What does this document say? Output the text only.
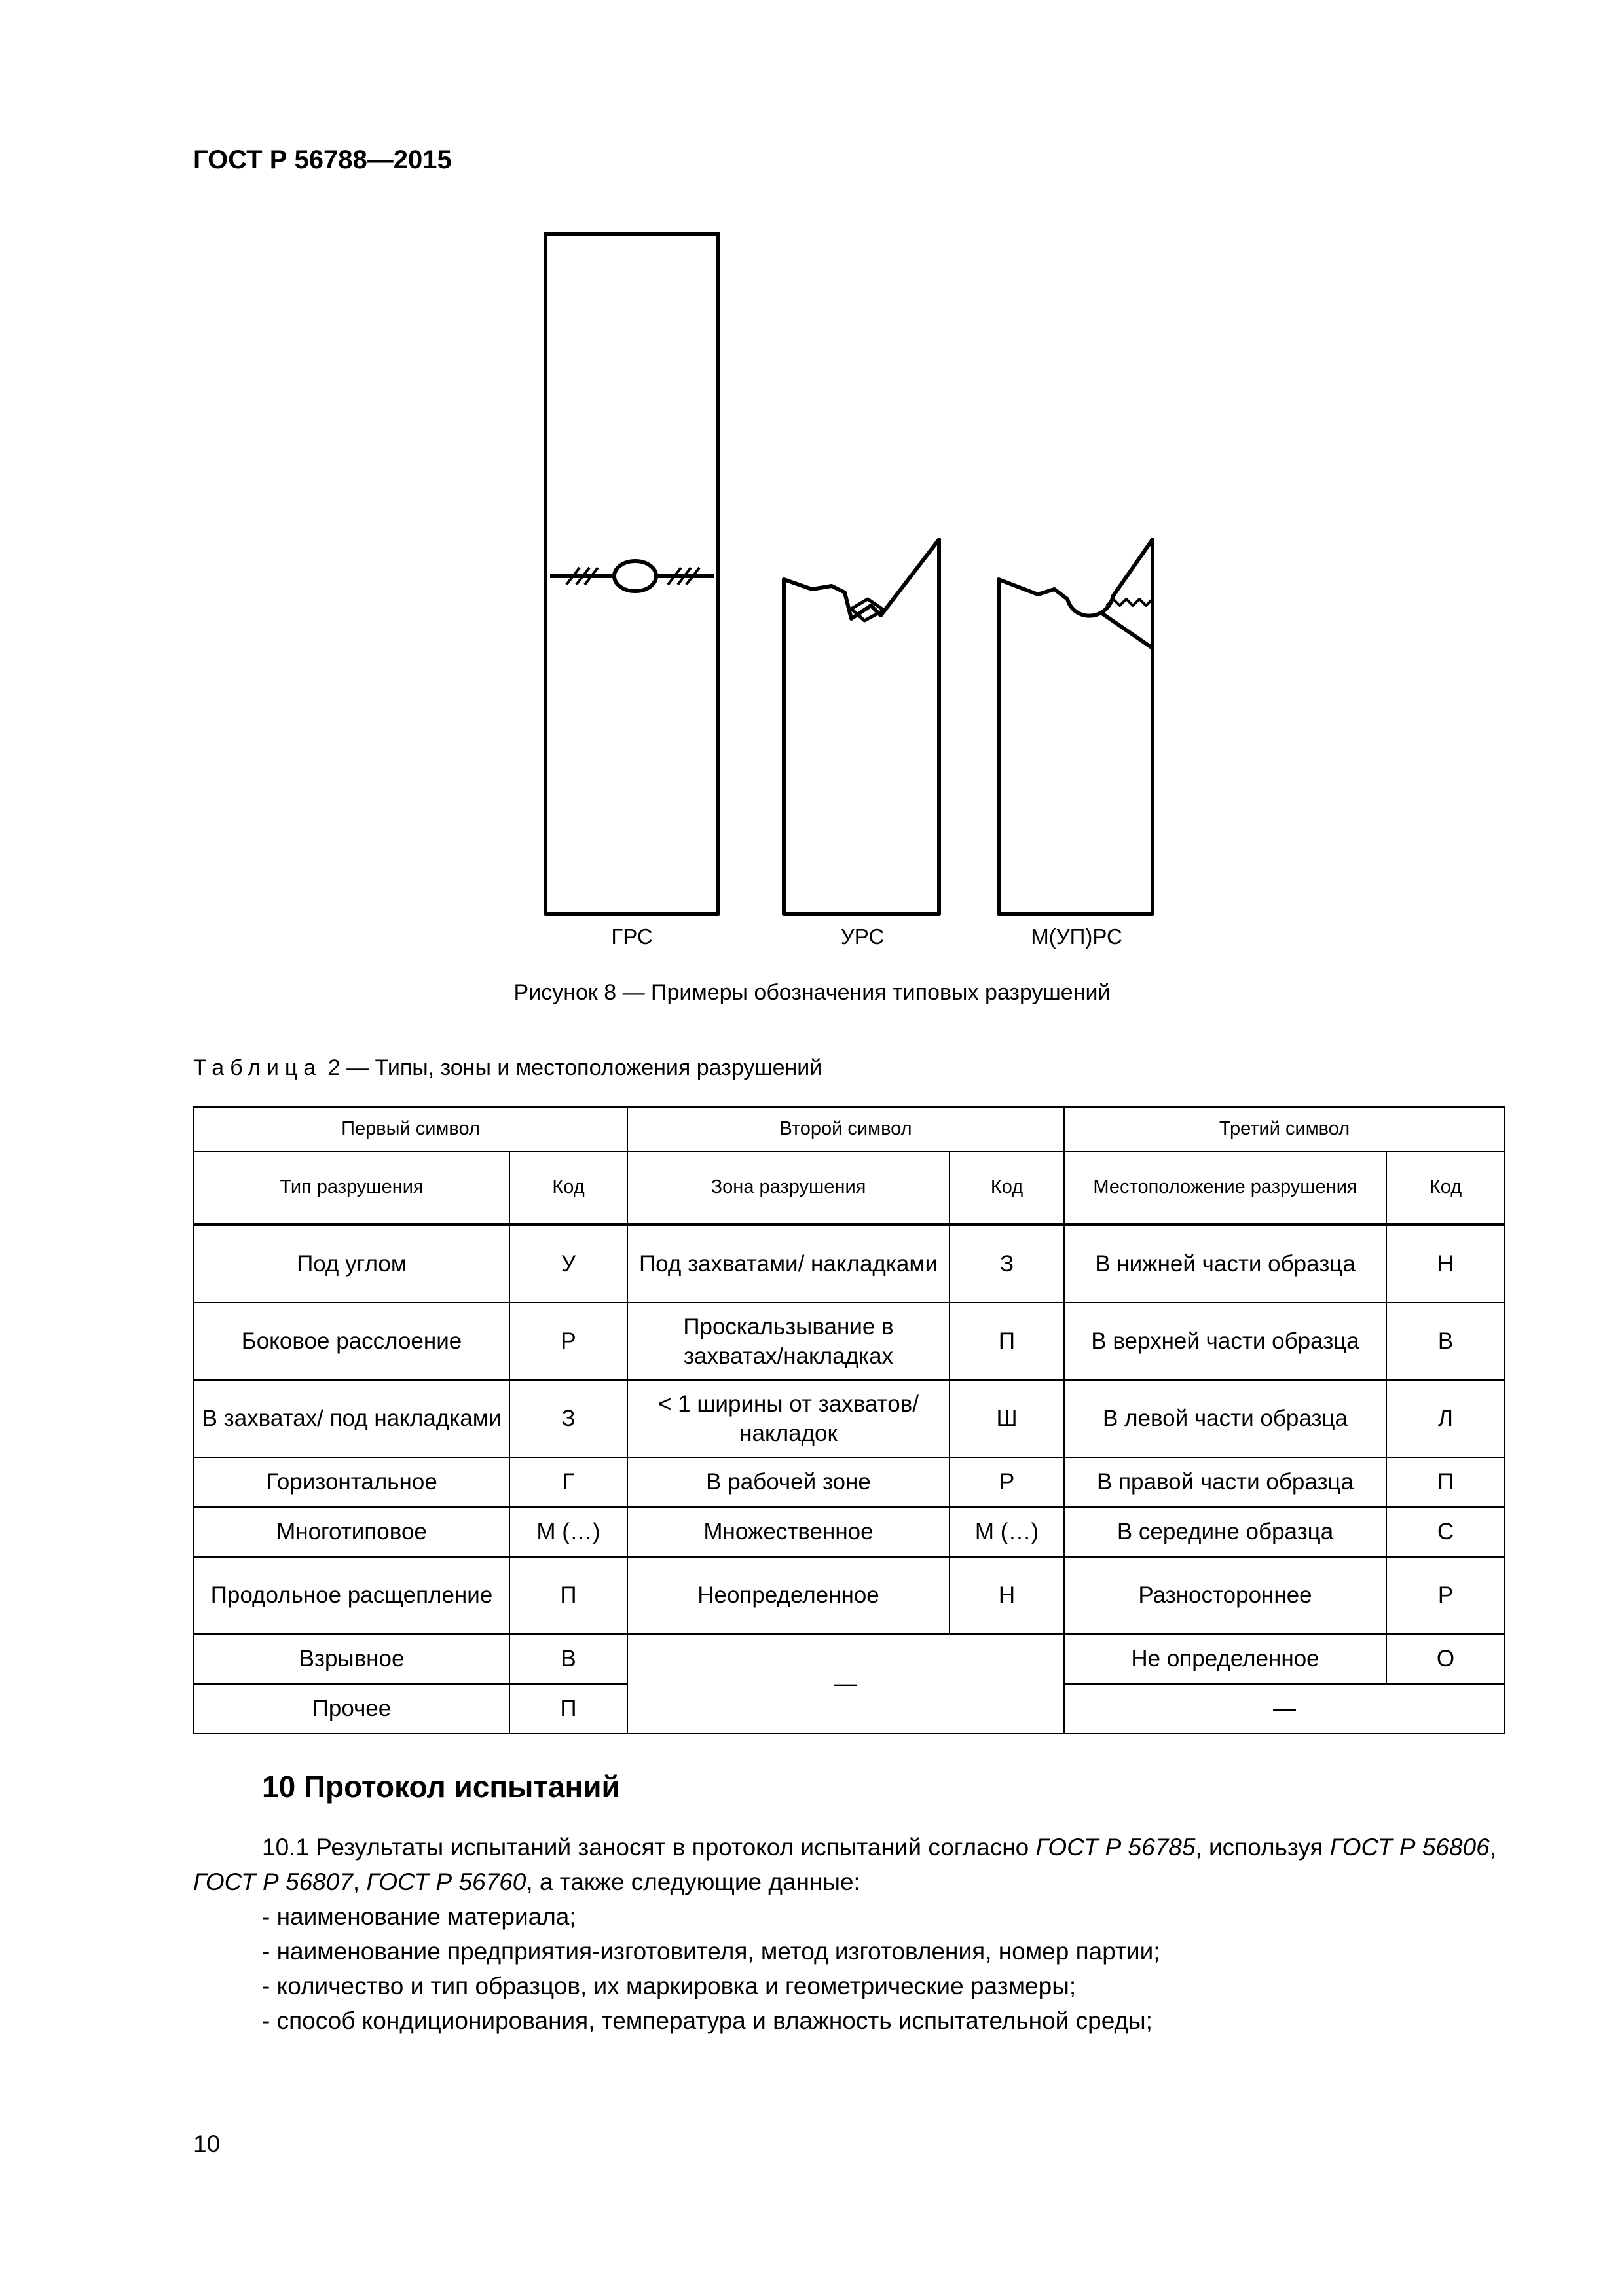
ГОСТ Р 56788—2015
ГРС	УРС	М(УП)РС
Рисунок 8 — Примеры обозначения типовых разрушений
Таблица 2 — Типы, зоны и местоположения разрушений
Первый символ		Второй символ		Третий символ	
Тип разрушения	Код	Зона разрушения	Код	Местоположение разрушения	Код
Под углом	У	Под захватами/ накладками	З	В нижней части образца	Н
Боковое расслоение	Р	Проскальзывание в захватах/накладках	П	В верхней части образца	В
В захватах/ под накладками	З	< 1 ширины от захватов/ накладок	Ш	В левой части образца	Л
Горизонтальное	Г	В рабочей зоне	Р	В правой части образца	П
Многотиповое	М (…)	Множественное	М (…)	В середине образца	С
Продольное расщепление	П	Неопределенное	Н	Разностороннее	Р
Взрывное	В	—		Не определенное	О
Прочее	П			—	
10 Протокол испытаний
10.1 Результаты испытаний заносят в протокол испытаний согласно ГОСТ Р 56785, используя ГОСТ Р 56806, ГОСТ Р 56807, ГОСТ Р 56760, а также следующие данные:
- наименование материала;
- наименование предприятия-изготовителя, метод изготовления, номер партии;
- количество и тип образцов, их маркировка и геометрические размеры;
- способ кондиционирования, температура и влажность испытательной среды;
10
